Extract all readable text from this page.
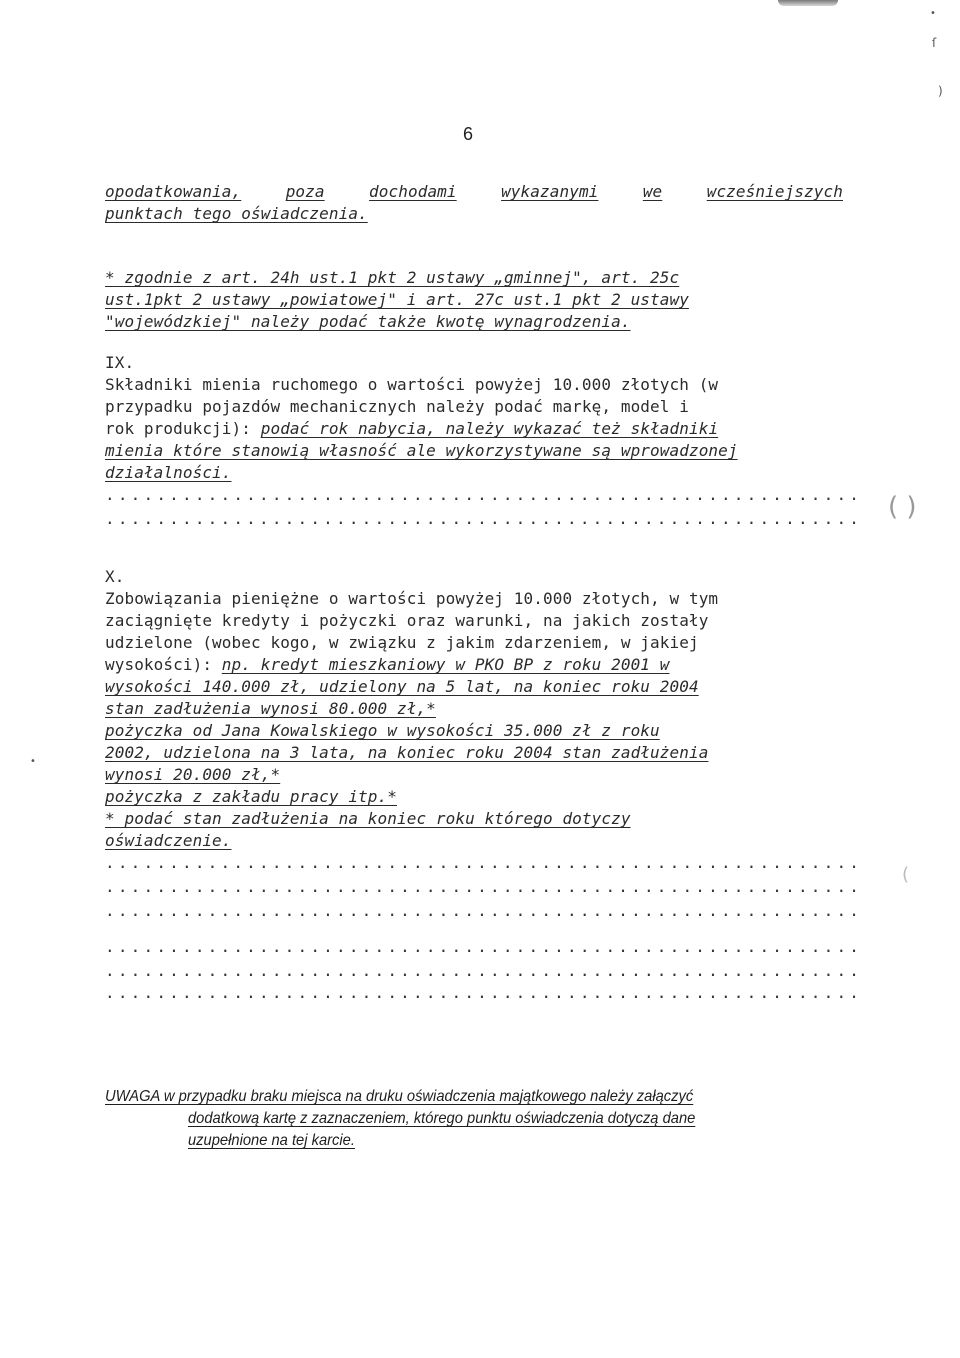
•
ſ
)
( )
(
•
6
opodatkowania,	poza	dochodami	wykazanymi	we	wcześniejszych
punktach tego oświadczenia.
* zgodnie z art. 24h ust.1 pkt 2 ustawy „gminnej", art. 25c
ust.1pkt 2 ustawy „powiatowej" i art. 27c ust.1 pkt 2 ustawy
"wojewódzkiej" należy podać także kwotę wynagrodzenia.
IX.
Składniki mienia ruchomego o wartości powyżej 10.000 złotych (w
przypadku pojazdów mechanicznych należy podać markę, model i
rok produkcji): podać rok nabycia, należy wykazać też składniki
mienia które stanowią własność ale wykorzystywane są wprowadzonej
działalności.
...........................................................
...........................................................
X.
Zobowiązania pieniężne o wartości powyżej 10.000 złotych, w tym
zaciągnięte kredyty i pożyczki oraz warunki, na jakich zostały
udzielone (wobec kogo, w związku z jakim zdarzeniem, w jakiej
wysokości): np. kredyt mieszkaniowy w PKO BP z roku 2001 w
wysokości 140.000 zł, udzielony na 5 lat, na koniec roku 2004
stan zadłużenia wynosi 80.000 zł,*
pożyczka od Jana Kowalskiego w wysokości 35.000 zł z roku
2002, udzielona na 3 lata, na koniec roku 2004 stan zadłużenia
wynosi 20.000 zł,*
pożyczka z zakładu pracy itp.*
* podać stan zadłużenia na koniec roku którego dotyczy
oświadczenie.
...........................................................
...........................................................
...........................................................
...........................................................
...........................................................
...........................................................
UWAGA w przypadku braku miejsca na druku oświadczenia majątkowego należy załączyć
dodatkową kartę z zaznaczeniem, którego punktu oświadczenia dotyczą dane
uzupełnione na tej karcie.
